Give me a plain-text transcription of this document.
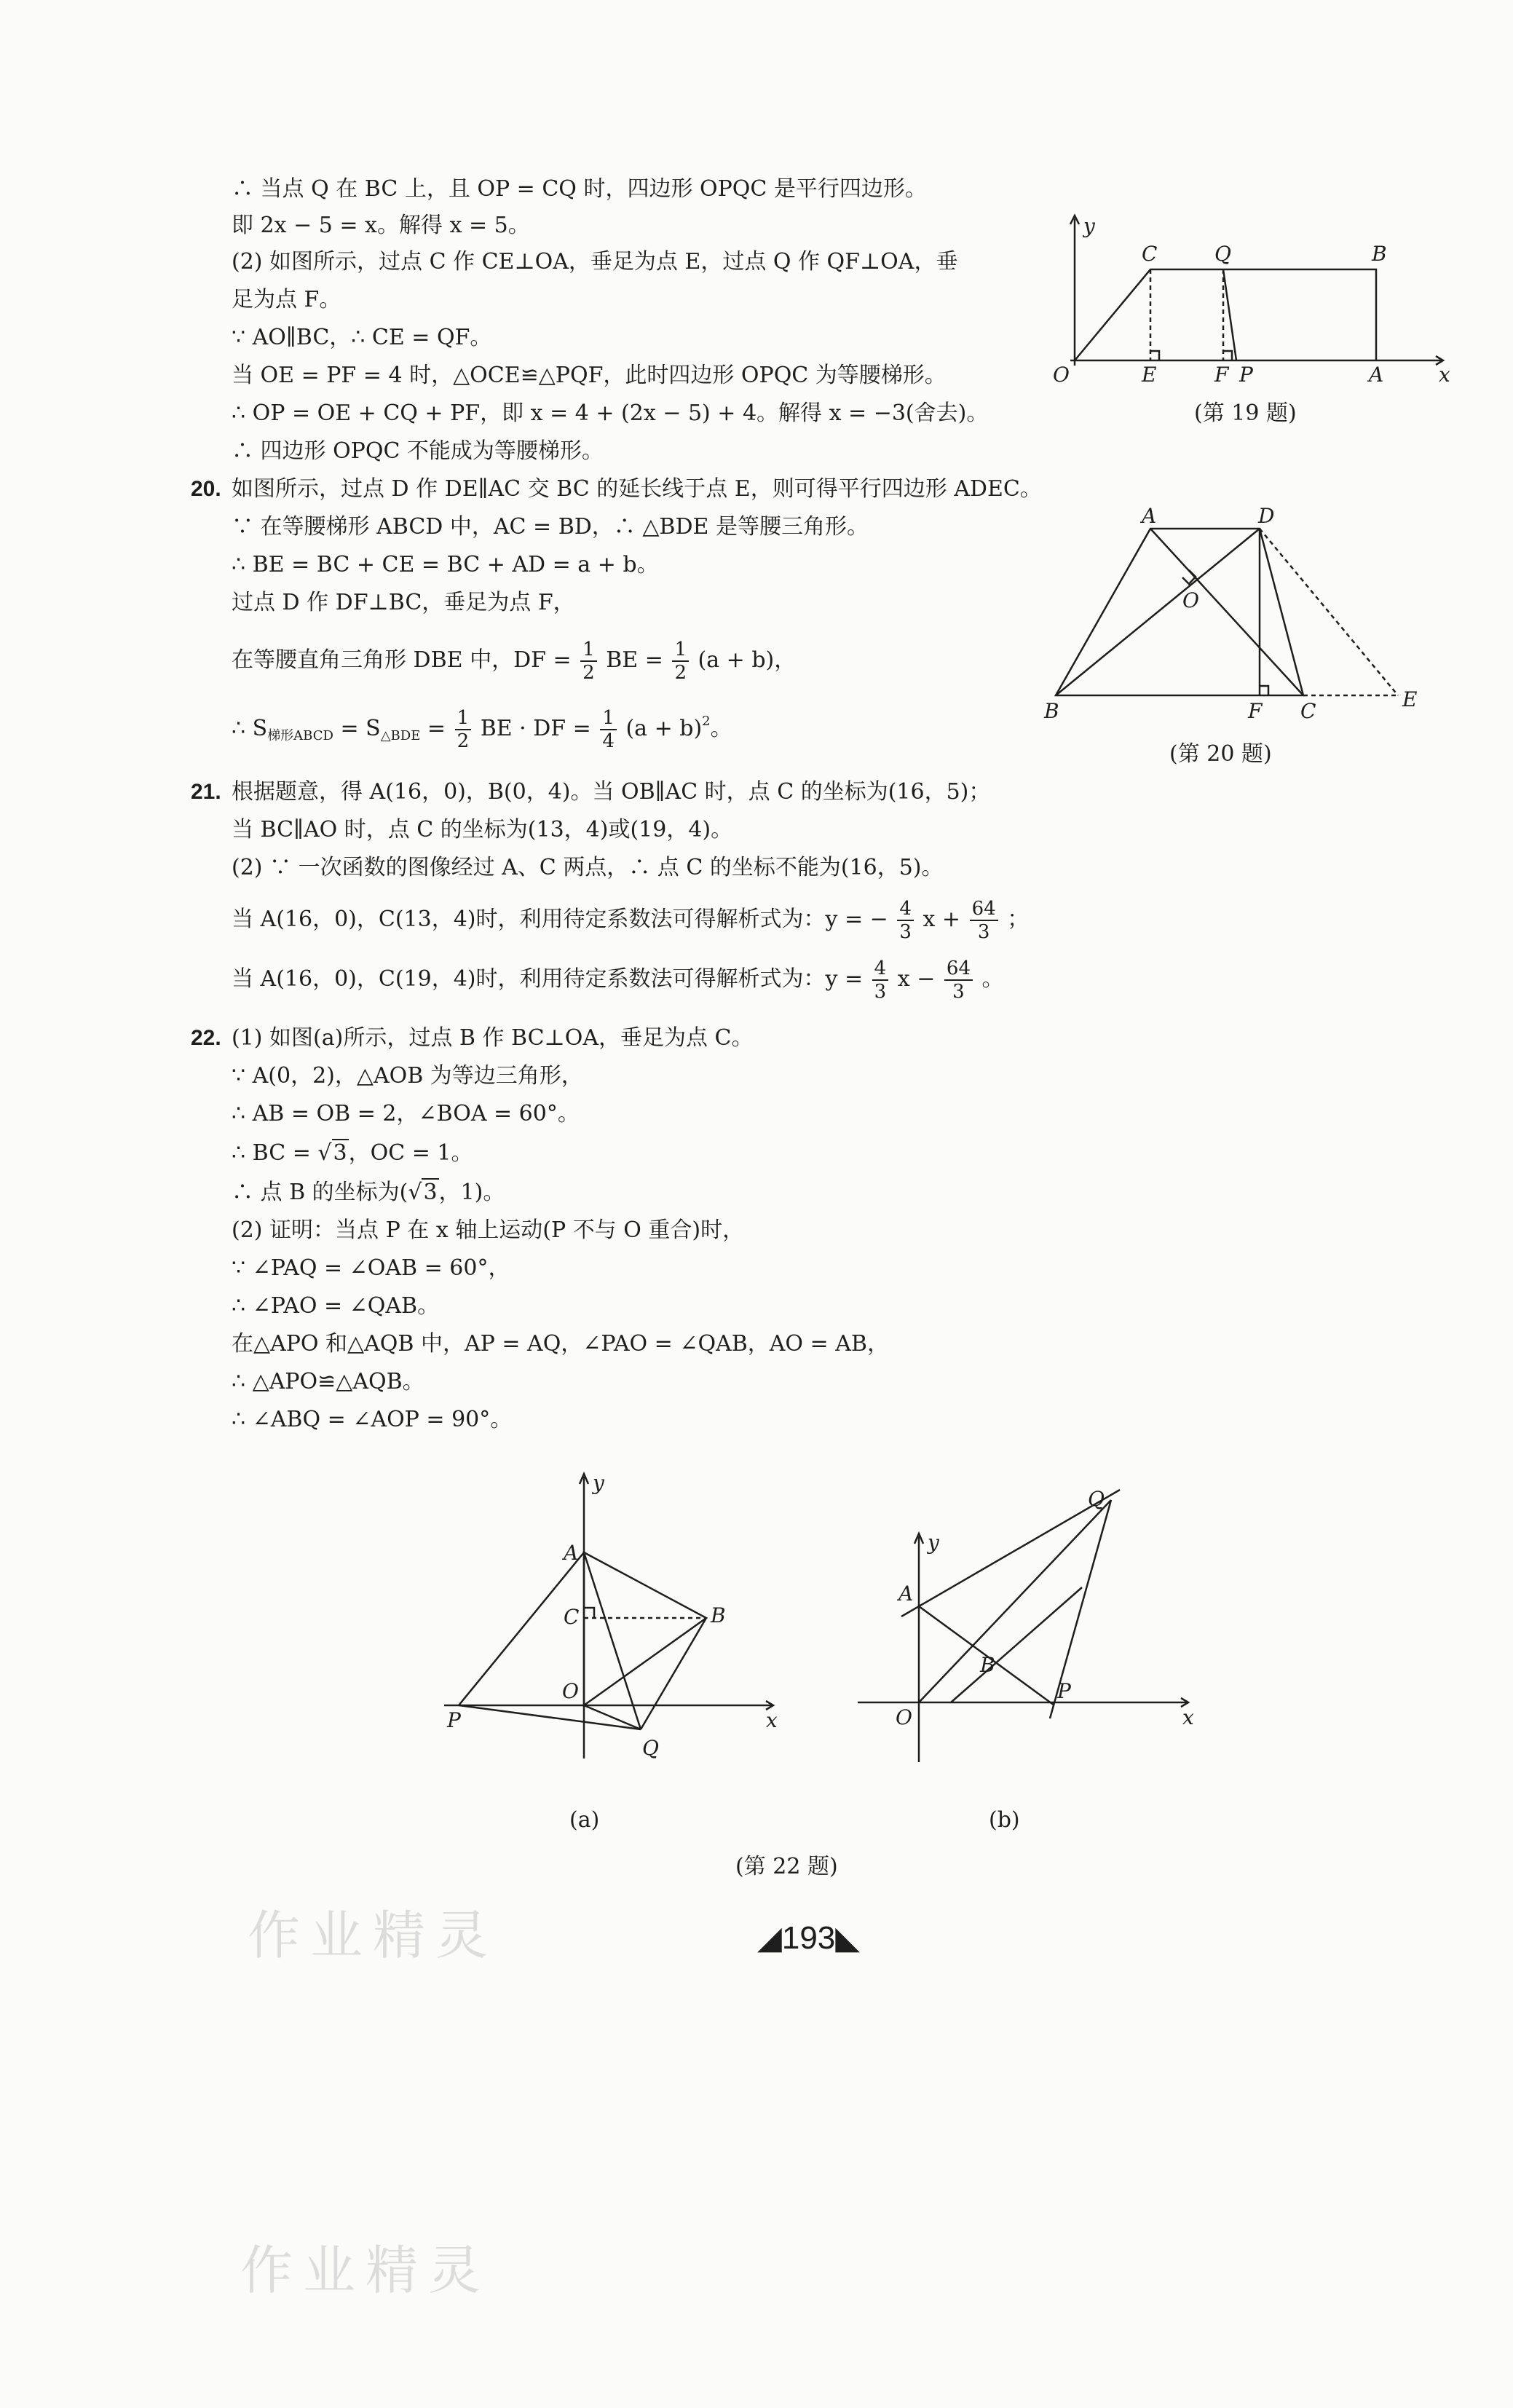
∴ 当点 Q 在 BC 上，且 OP = CQ 时，四边形 OPQC 是平行四边形。
即 2x − 5 = x。解得 x = 5。
(2) 如图所示，过点 C 作 CE⊥OA，垂足为点 E，过点 Q 作 QF⊥OA，垂
足为点 F。
∵ AO∥BC，∴ CE = QF。
当 OE = PF = 4 时，△OCE≌△PQF，此时四边形 OPQC 为等腰梯形。
∴ OP = OE + CQ + PF，即 x = 4 + (2x − 5) + 4。解得 x = −3(舍去)。
∴ 四边形 OPQC 不能成为等腰梯形。
y
x
O	E	F P	A
C	Q	B
(第 19 题)
20. 如图所示，过点 D 作 DE∥AC 交 BC 的延长线于点 E，则可得平行四边形 ADEC。
∵ 在等腰梯形 ABCD 中，AC = BD，∴ △BDE 是等腰三角形。
∴ BE = BC + CE = BC + AD = a + b。
过点 D 作 DF⊥BC，垂足为点 F，
在等腰直角三角形 DBE 中，DF = $\frac{1}{2}$ BE = $\frac{1}{2} (a + b)$，
∴ $S_{梯形ABCD} = S_{\triangle BDE} = \frac{1}{2}$ BE · DF = $\frac{1}{4} (a + b)^2$。
A	D
O
B	F C	E
(第 20 题)
21. 根据题意，得 A(16，0)，B(0，4)。当 OB∥AC 时，点 C 的坐标为(16，5)；
当 BC∥AO 时，点 C 的坐标为(13，4)或(19，4)。
(2) ∵ 一次函数的图像经过 A、C 两点，∴ 点 C 的坐标不能为(16，5)。
当 A(16，0)，C(13，4)时，利用待定系数法可得解析式为：y = − $\frac{4}{3}$ $x + \frac{64}{3}$ ；
当 A(16，0)，C(19，4)时，利用待定系数法可得解析式为：$y = \frac{4}{3}$ $x - \frac{64}{3}$ 。
22. (1) 如图(a)所示，过点 B 作 BC⊥OA，垂足为点 C。
∵ A(0，2)，△AOB 为等边三角形，
∴ AB = OB = 2，∠BOA = 60°。
∴ BC = √3，OC = 1。
∴ 点 B 的坐标为(√3，1)。
(2) 证明：当点 P 在 x 轴上运动(P 不与 O 重合)时，
∵ ∠PAQ = ∠OAB = 60°，
∴ ∠PAO = ∠QAB。
在△APO 和△AQB 中，AP = AQ，∠PAO = ∠QAB，AO = AB，
∴ △APO≌△AQB。
∴ ∠ABQ = ∠AOP = 90°。
y
x
A
C	B
O
P
Q
y
x
A
B
O
P
Q
(a)	(b)
(第 22 题)
作业精灵
作业精灵
◢193◣
